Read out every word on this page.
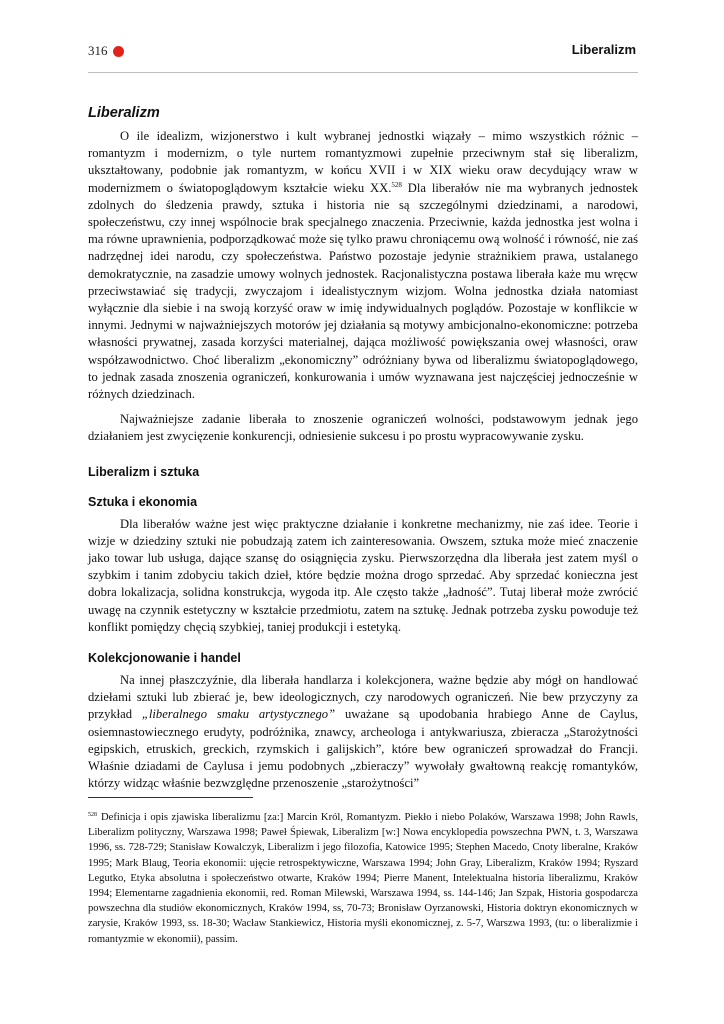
316	Liberalizm
Liberalizm

O ile idealizm, wizjonerstwo i kult wybranej jednostki wiązały – mimo wszystkich różnic – romantyzm i modernizm, o tyle nurtem romantyzmowi zupełnie przeciwnym stał się liberalizm, ukształtowany, podobnie jak romantyzm, w końcu XVII i w XIX wieku oraw decydujący wraw w modernizmem o światopoglądowym kształcie wieku XX.$^{528}$ Dla liberałów nie ma wybranych jednostek zdolnych do śledzenia prawdy, sztuka i historia nie są szczególnymi dziedzinami, a narodowi, społeczeństwu, czy innej wspólnocie brak specjalnego znaczenia. Przeciwnie, każda jednostka jest wolna i ma równe uprawnienia, podporządkować może się tylko prawu chroniącemu ową wolność i równość, nie zaś nadrzędnej idei narodu, czy społeczeństwa. Państwo pozostaje jedynie strażnikiem prawa, ustalanego demokratycznie, na zasadzie umowy wolnych jednostek. Racjonalistyczna postawa liberała każe mu wręcw przeciwstawiać się tradycji, zwyczajom i idealistycznym wizjom. Wolna jednostka działa natomiast wyłącznie dla siebie i na swoją korzyść oraw w imię indywidualnych poglądów. Pozostaje w konflikcie w innymi. Jednymi w najważniejszych motorów jej działania są motywy ambicjonalno-ekonomiczne: potrzeba własności prywatnej, zasada korzyści materialnej, dająca możliwość powiększania owej własności, oraw współzawodnictwo. Choć liberalizm „ekonomiczny” odróżniany bywa od liberalizmu światopoglądowego, to jednak zasada znoszenia ograniczeń, konkurowania i umów wyznawana jest najczęściej jednocześnie w różnych dziedzinach.

Najważniejsze zadanie liberała to znoszenie ograniczeń wolności, podstawowym jednak jego działaniem jest zwycięzenie konkurencji, odniesienie sukcesu i po prostu wypracowywanie zysku.

Liberalizm i sztuka
Sztuka i ekonomia

Dla liberałów ważne jest więc praktyczne działanie i konkretne mechanizmy, nie zaś idee. Teorie i wizje w dziedziny sztuki nie pobudzają zatem ich zainteresowania. Owszem, sztuka może mieć znaczenie jako towar lub usługa, dające szansę do osiągnięcia zysku. Pierwszorzędna dla liberała jest zatem myśl o szybkim i tanim zdobyciu takich dzieł, które będzie można drogo sprzedać. Aby sprzedać konieczna jest dobra lokalizacja, solidna konstrukcja, wygoda itp. Ale często także „ładność”. Tutaj liberał może zwrócić uwagę na czynnik estetyczny w kształcie przedmiotu, zatem na sztukę. Jednak potrzeba zysku powoduje też konflikt pomiędzy chęcią szybkiej, taniej produkcji i estetyką.

Kolekcjonowanie i handel

Na innej płaszczyźnie, dla liberała handlarza i kolekcjonera, ważne będzie aby mógł on handlować dziełami sztuki lub zbierać je, bew ideologicznych, czy narodowych ograniczeń. Nie bew przyczyny za przykład „liberalnego smaku artystycznego” uważane są upodobania hrabiego Anne de Caylus, osiemnastowiecznego erudyty, podróżnika, znawcy, archeologa i antykwariusza, zbieracza „Starożytności egipskich, etruskich, greckich, rzymskich i galijskich”, które bew ograniczeń sprowadzał do Francji. Właśnie dziadami de Caylusa i jemu podobnych „zbieraczy” wywołały gwałtowną reakcję romantyków, którzy widząc właśnie bezwzględne przenoszenie „starożytności”

$^{528}$ Definicja i opis zjawiska liberalizmu [za:] Marcin Król, Romantyzm. Piekło i niebo Polaków, Warszawa 1998; John Rawls, Liberalizm polityczny, Warszawa 1998; Paweł Śpiewak, Liberalizm [w:] Nowa encyklopedia powszechna PWN, t. 3, Warszawa 1996, ss. 728-729; Stanisław Kowalczyk, Liberalizm i jego filozofia, Katowice 1995; Stephen Macedo, Cnoty liberalne, Kraków 1995; Mark Blaug, Teoria ekonomii: ujęcie retrospektywiczne, Warszawa 1994; John Gray, Liberalizm, Kraków 1994; Ryszard Legutko, Etyka absolutna i społeczeństwo otwarte, Kraków 1994; Pierre Manent, Intelektualna historia liberalizmu, Kraków 1994; Elementarne zagadnienia ekonomii, red. Roman Milewski, Warszawa 1994, ss. 144-146; Jan Szpak, Historia gospodarcza powszechna dla studiów ekonomicznych, Kraków 1994, ss, 70-73; Bronisław Oyrzanowski, Historia doktryn ekonomicznych w zarysie, Kraków 1993, ss. 18-30; Wacław Stankiewicz, Historia myśli ekonomicznej, z. 5-7, Warszwa 1993, (tu: o liberalizmie i romantyzmie w ekonomii), passim.
